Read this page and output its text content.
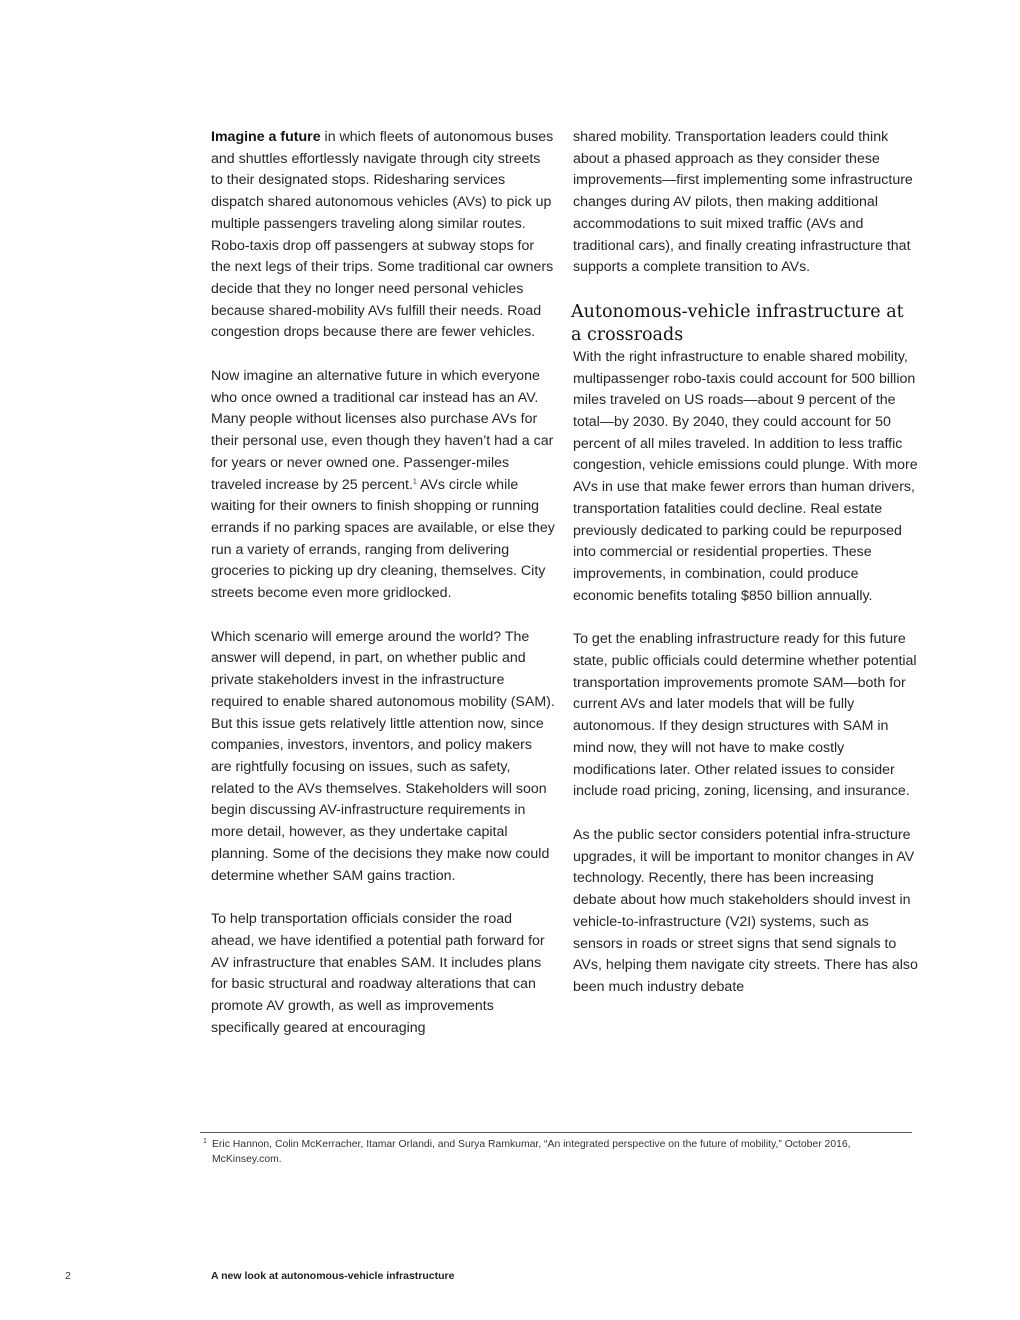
Imagine a future in which fleets of autonomous buses and shuttles effortlessly navigate through city streets to their designated stops. Ridesharing services dispatch shared autonomous vehicles (AVs) to pick up multiple passengers traveling along similar routes. Robo-taxis drop off passengers at subway stops for the next legs of their trips. Some traditional car owners decide that they no longer need personal vehicles because shared-mobility AVs fulfill their needs. Road congestion drops because there are fewer vehicles.

Now imagine an alternative future in which everyone who once owned a traditional car instead has an AV. Many people without licenses also purchase AVs for their personal use, even though they haven’t had a car for years or never owned one. Passenger-miles traveled increase by 25 percent.$^1$ AVs circle while waiting for their owners to finish shopping or running errands if no parking spaces are available, or else they run a variety of errands, ranging from delivering groceries to picking up dry cleaning, themselves. City streets become even more gridlocked.

Which scenario will emerge around the world? The answer will depend, in part, on whether public and private stakeholders invest in the infrastructure required to enable shared autonomous mobility (SAM). But this issue gets relatively little attention now, since companies, investors, inventors, and policy makers are rightfully focusing on issues, such as safety, related to the AVs themselves. Stakeholders will soon begin discussing AV-infrastructure requirements in more detail, however, as they undertake capital planning. Some of the decisions they make now could determine whether SAM gains traction.

To help transportation officials consider the road ahead, we have identified a potential path forward for AV infrastructure that enables SAM. It includes plans for basic structural and roadway alterations that can promote AV growth, as well as improvements specifically geared at encouraging

shared mobility. Transportation leaders could think about a phased approach as they consider these improvements—first implementing some infrastructure changes during AV pilots, then making additional accommodations to suit mixed traffic (AVs and traditional cars), and finally creating infrastructure that supports a complete transition to AVs.

Autonomous-vehicle infrastructure at a crossroads

With the right infrastructure to enable shared mobility, multipassenger robo-taxis could account for 500 billion miles traveled on US roads—about 9 percent of the total—by 2030. By 2040, they could account for 50 percent of all miles traveled. In addition to less traffic congestion, vehicle emissions could plunge. With more AVs in use that make fewer errors than human drivers, transportation fatalities could decline. Real estate previously dedicated to parking could be repurposed into commercial or residential properties. These improvements, in combination, could produce economic benefits totaling $850 billion annually.

To get the enabling infrastructure ready for this future state, public officials could determine whether potential transportation improvements promote SAM—both for current AVs and later models that will be fully autonomous. If they design structures with SAM in mind now, they will not have to make costly modifications later. Other related issues to consider include road pricing, zoning, licensing, and insurance.

As the public sector considers potential infra-structure upgrades, it will be important to monitor changes in AV technology. Recently, there has been increasing debate about how much stakeholders should invest in vehicle-to-infrastructure (V2I) systems, such as sensors in roads or street signs that send signals to AVs, helping them navigate city streets. There has also been much industry debate

1 Eric Hannon, Colin McKerracher, Itamar Orlandi, and Surya Ramkumar, “An integrated perspective on the future of mobility,” October 2016, McKinsey.com.
2	A new look at autonomous-vehicle infrastructure
